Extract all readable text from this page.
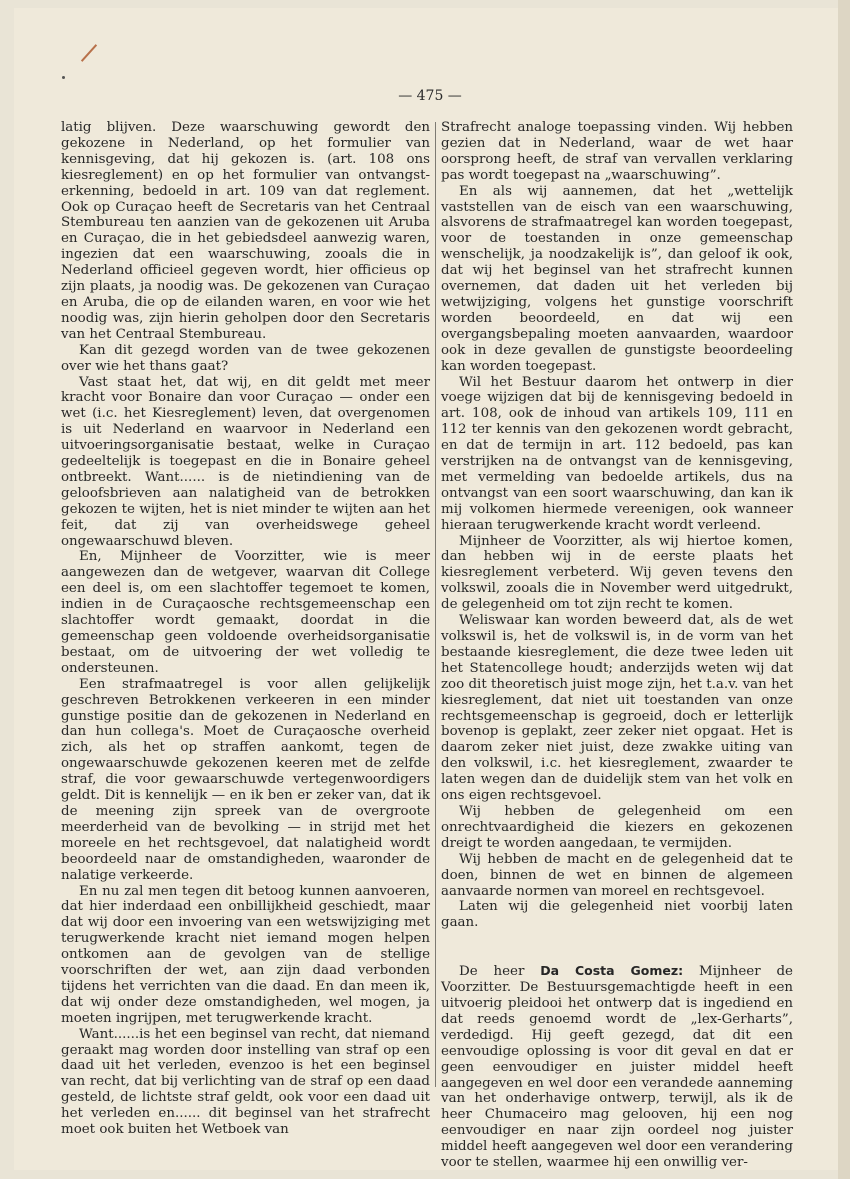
— 475 —

latig blijven. Deze waarschuwing gewordt den gekozene in Nederland, op het formulier van kennisgeving, dat hij gekozen is. (art. 108 ons kiesreglement) en op het formulier van ontvangst-erkenning, bedoeld in art. 109 van dat reglement. Ook op Curaçao heeft de Secretaris van het Centraal Stembureau ten aanzien van de gekozenen uit Aruba en Curaçao, die in het gebiedsdeel aanwezig waren, ingezien dat een waarschuwing, zooals die in Nederland officieel gegeven wordt, hier officieus op zijn plaats, ja noodig was. De gekozenen van Curaçao en Aruba, die op de eilanden waren, en voor wie het noodig was, zijn hierin geholpen door den Secretaris van het Centraal Stembureau.

Kan dit gezegd worden van de twee gekozenen over wie het thans gaat?

Vast staat het, dat wij, en dit geldt met meer kracht voor Bonaire dan voor Curaçao — onder een wet (i.c. het Kiesreglement) leven, dat overgenomen is uit Nederland en waarvoor in Nederland een uitvoeringsorganisatie bestaat, welke in Curaçao gedeeltelijk is toegepast en die in Bonaire geheel ontbreekt. Want...... is de nietindiening van de geloofsbrieven aan nalatigheid van de betrokken gekozen te wijten, het is niet minder te wijten aan het feit, dat zij van overheidswege geheel ongewaarschuwd bleven.

En, Mijnheer de Voorzitter, wie is meer aangewezen dan de wetgever, waarvan dit College een deel is, om een slachtoffer tegemoet te komen, indien in de Curaçaosche rechtsgemeenschap een slachtoffer wordt gemaakt, doordat in die gemeenschap geen voldoende overheidsorganisatie bestaat, om de uitvoering der wet volledig te ondersteunen.

Een strafmaatregel is voor allen gelijkelijk geschreven Betrokkenen verkeeren in een minder gunstige positie dan de gekozenen in Nederland en dan hun collega's. Moet de Curaçaosche overheid zich, als het op straffen aankomt, tegen de ongewaarschuwde gekozenen keeren met de zelfde straf, die voor gewaarschuwde vertegenwoordigers geldt. Dit is kennelijk — en ik ben er zeker van, dat ik de meening zijn spreek van de overgroote meerderheid van de bevolking — in strijd met het moreele en het rechtsgevoel, dat nalatigheid wordt beoordeeld naar de omstandigheden, waaronder de nalatige verkeerde.

En nu zal men tegen dit betoog kunnen aanvoeren, dat hier inderdaad een onbillijkheid geschiedt, maar dat wij door een invoering van een wetswijziging met terugwerkende kracht niet iemand mogen helpen ontkomen aan de gevolgen van de stellige voorschriften der wet, aan zijn daad verbonden tijdens het verrichten van die daad. En dan meen ik, dat wij onder deze omstandigheden, wel mogen, ja moeten ingrijpen, met terugwerkende kracht.

Want......is het een beginsel van recht, dat niemand geraakt mag worden door instelling van straf op een daad uit het verleden, evenzoo is het een beginsel van recht, dat bij verlichting van de straf op een daad gesteld, de lichtste straf geldt, ook voor een daad uit het verleden en...... dit beginsel van het strafrecht moet ook buiten het Wetboek van

Strafrecht analoge toepassing vinden. Wij hebben gezien dat in Nederland, waar de wet haar oorsprong heeft, de straf van vervallen verklaring pas wordt toegepast na „waarschuwing”.

En als wij aannemen, dat het „wettelijk vaststellen van de eisch van een waarschuwing, alsvorens de strafmaatregel kan worden toegepast, voor de toestanden in onze gemeenschap wenschelijk, ja noodzakelijk is”, dan geloof ik ook, dat wij het beginsel van het strafrecht kunnen overnemen, dat daden uit het verleden bij wetwijziging, volgens het gunstige voorschrift worden beoordeeld, en dat wij een overgangsbepaling moeten aanvaarden, waardoor ook in deze gevallen de gunstigste beoordeeling kan worden toegepast.

Wil het Bestuur daarom het ontwerp in dier voege wijzigen dat bij de kennisgeving bedoeld in art. 108, ook de inhoud van artikels 109, 111 en 112 ter kennis van den gekozenen wordt gebracht, en dat de termijn in art. 112 bedoeld, pas kan verstrijken na de ontvangst van de kennisgeving, met vermelding van bedoelde artikels, dus na ontvangst van een soort waarschuwing, dan kan ik mij volkomen hiermede vereenigen, ook wanneer hieraan terugwerkende kracht wordt verleend.

Mijnheer de Voorzitter, als wij hiertoe komen, dan hebben wij in de eerste plaats het kiesreglement verbeterd. Wij geven tevens den volkswil, zooals die in November werd uitgedrukt, de gelegenheid om tot zijn recht te komen.

Weliswaar kan worden beweerd dat, als de wet volkswil is, het de volkswil is, in de vorm van het bestaande kiesreglement, die deze twee leden uit het Statencollege houdt; anderzijds weten wij dat zoo dit theoretisch juist moge zijn, het t.a.v. van het kiesreglement, dat niet uit toestanden van onze rechtsgemeenschap is gegroeid, doch er letterlijk bovenop is geplakt, zeer zeker niet opgaat. Het is daarom zeker niet juist, deze zwakke uiting van den volkswil, i.c. het kiesreglement, zwaarder te laten wegen dan de duidelijk stem van het volk en ons eigen rechtsgevoel.

Wij hebben de gelegenheid om een onrechtvaardigheid die kiezers en gekozenen dreigt te worden aangedaan, te vermijden.

Wij hebben de macht en de gelegenheid dat te doen, binnen de wet en binnen de algemeen aanvaarde normen van moreel en rechtsgevoel.

Laten wij die gelegenheid niet voorbij laten gaan.

De heer Da Costa Gomez: Mijnheer de Voorzitter. De Bestuursgemachtigde heeft in een uitvoerig pleidooi het ontwerp dat is ingediend en dat reeds genoemd wordt de „lex-Gerharts”, verdedigd. Hij geeft gezegd, dat dit een eenvoudige oplossing is voor dit geval en dat er geen eenvoudiger en juister middel heeft aangegeven en wel door een verandede aanneming van het onderhavige ontwerp, terwijl, als ik de heer Chumaceiro mag gelooven, hij een nog eenvoudiger en naar zijn oordeel nog juister middel heeft aangegeven wel door een verandering voor te stellen, waarmee hij een onwillig ver-
